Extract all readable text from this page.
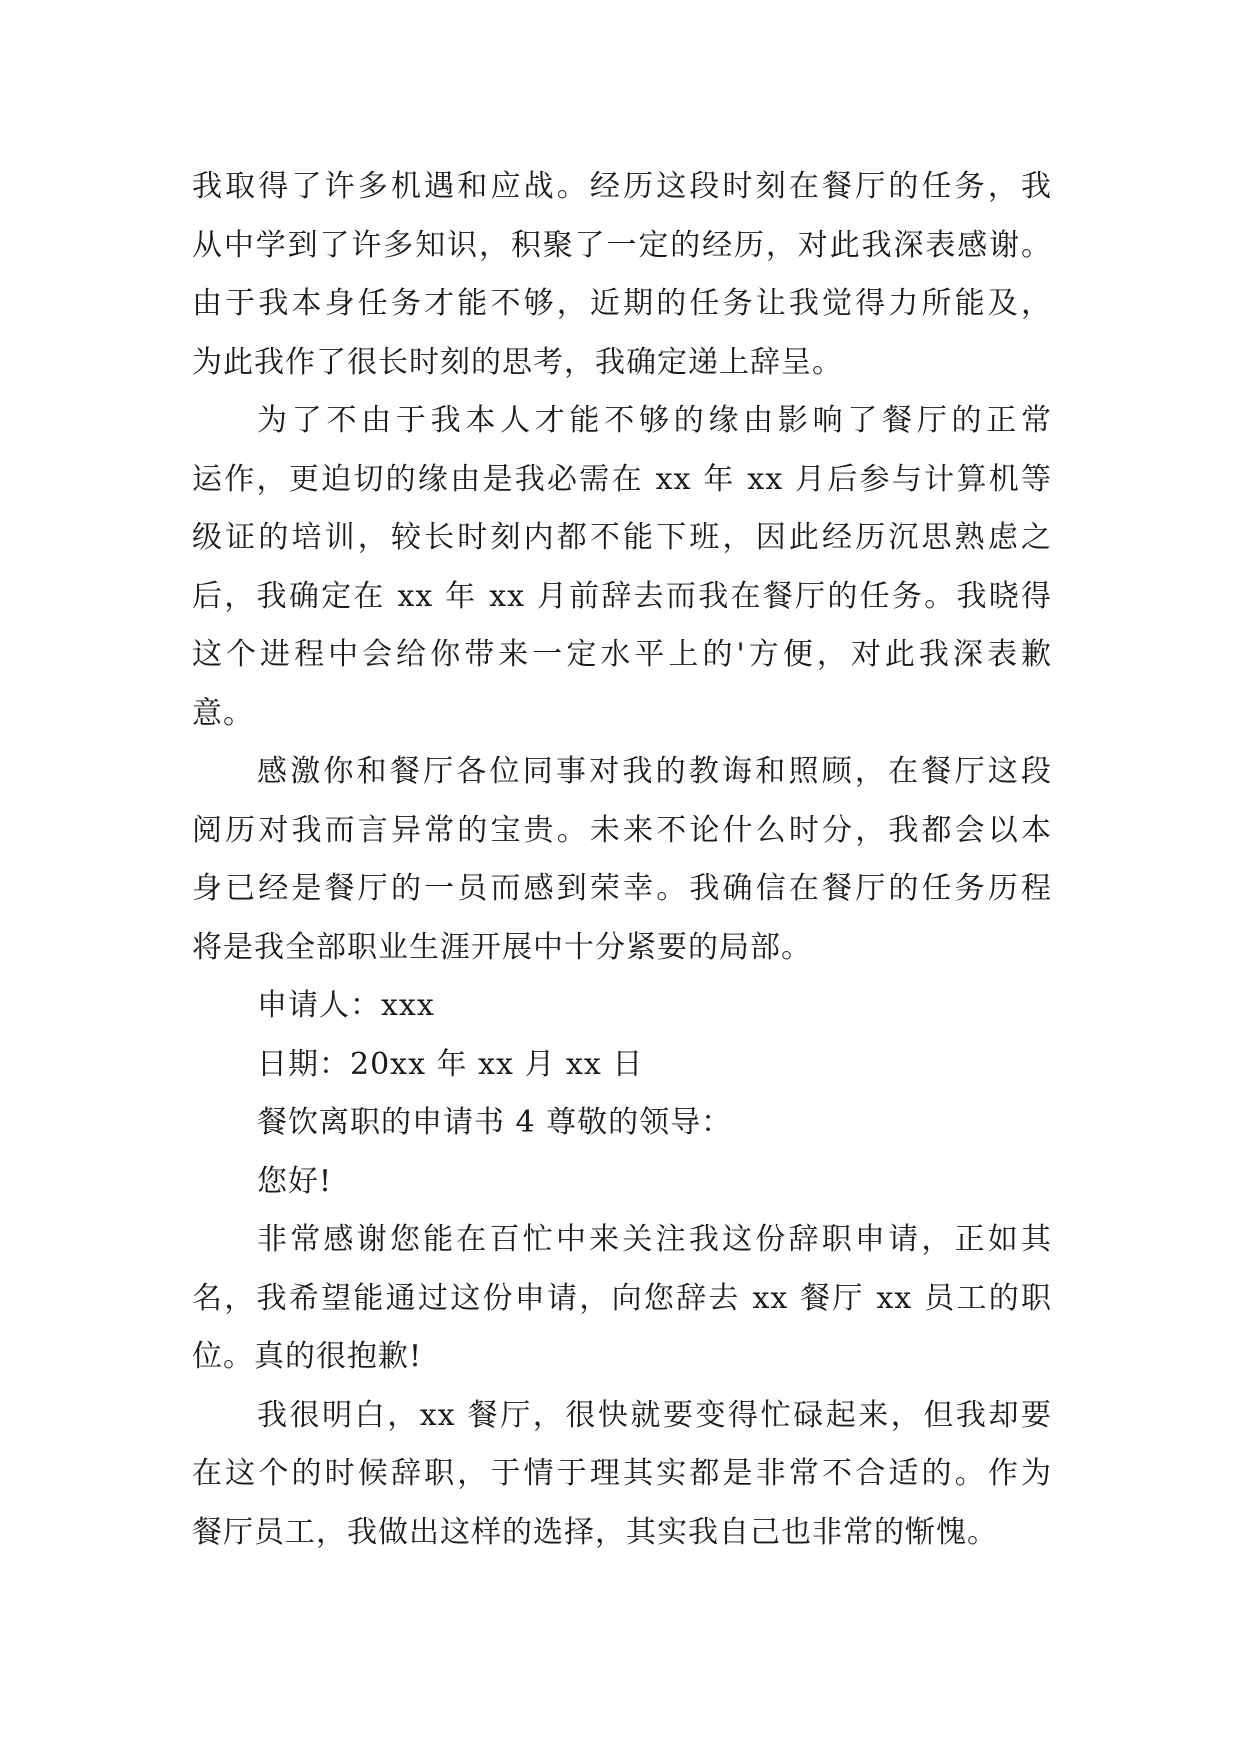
我取得了许多机遇和应战。经历这段时刻在餐厅的任务，我
从中学到了许多知识，积聚了一定的经历，对此我深表感谢。
由于我本身任务才能不够，近期的任务让我觉得力所能及，
为此我作了很长时刻的思考，我确定递上辞呈。
为了不由于我本人才能不够的缘由影响了餐厅的正常
运作，更迫切的缘由是我必需在 xx 年 xx 月后参与计算机等
级证的培训，较长时刻内都不能下班，因此经历沉思熟虑之
后，我确定在 xx 年 xx 月前辞去而我在餐厅的任务。我晓得
这个进程中会给你带来一定水平上的'方便，对此我深表歉
意。
感激你和餐厅各位同事对我的教诲和照顾，在餐厅这段
阅历对我而言异常的宝贵。未来不论什么时分，我都会以本
身已经是餐厅的一员而感到荣幸。我确信在餐厅的任务历程
将是我全部职业生涯开展中十分紧要的局部。
申请人：xxx
日期：20xx 年 xx 月 xx 日
餐饮离职的申请书 4 尊敬的领导：
您好!
非常感谢您能在百忙中来关注我这份辞职申请，正如其
名，我希望能通过这份申请，向您辞去 xx 餐厅 xx 员工的职
位。真的很抱歉!
我很明白，xx 餐厅，很快就要变得忙碌起来，但我却要
在这个的时候辞职，于情于理其实都是非常不合适的。作为
餐厅员工，我做出这样的选择，其实我自己也非常的惭愧。
